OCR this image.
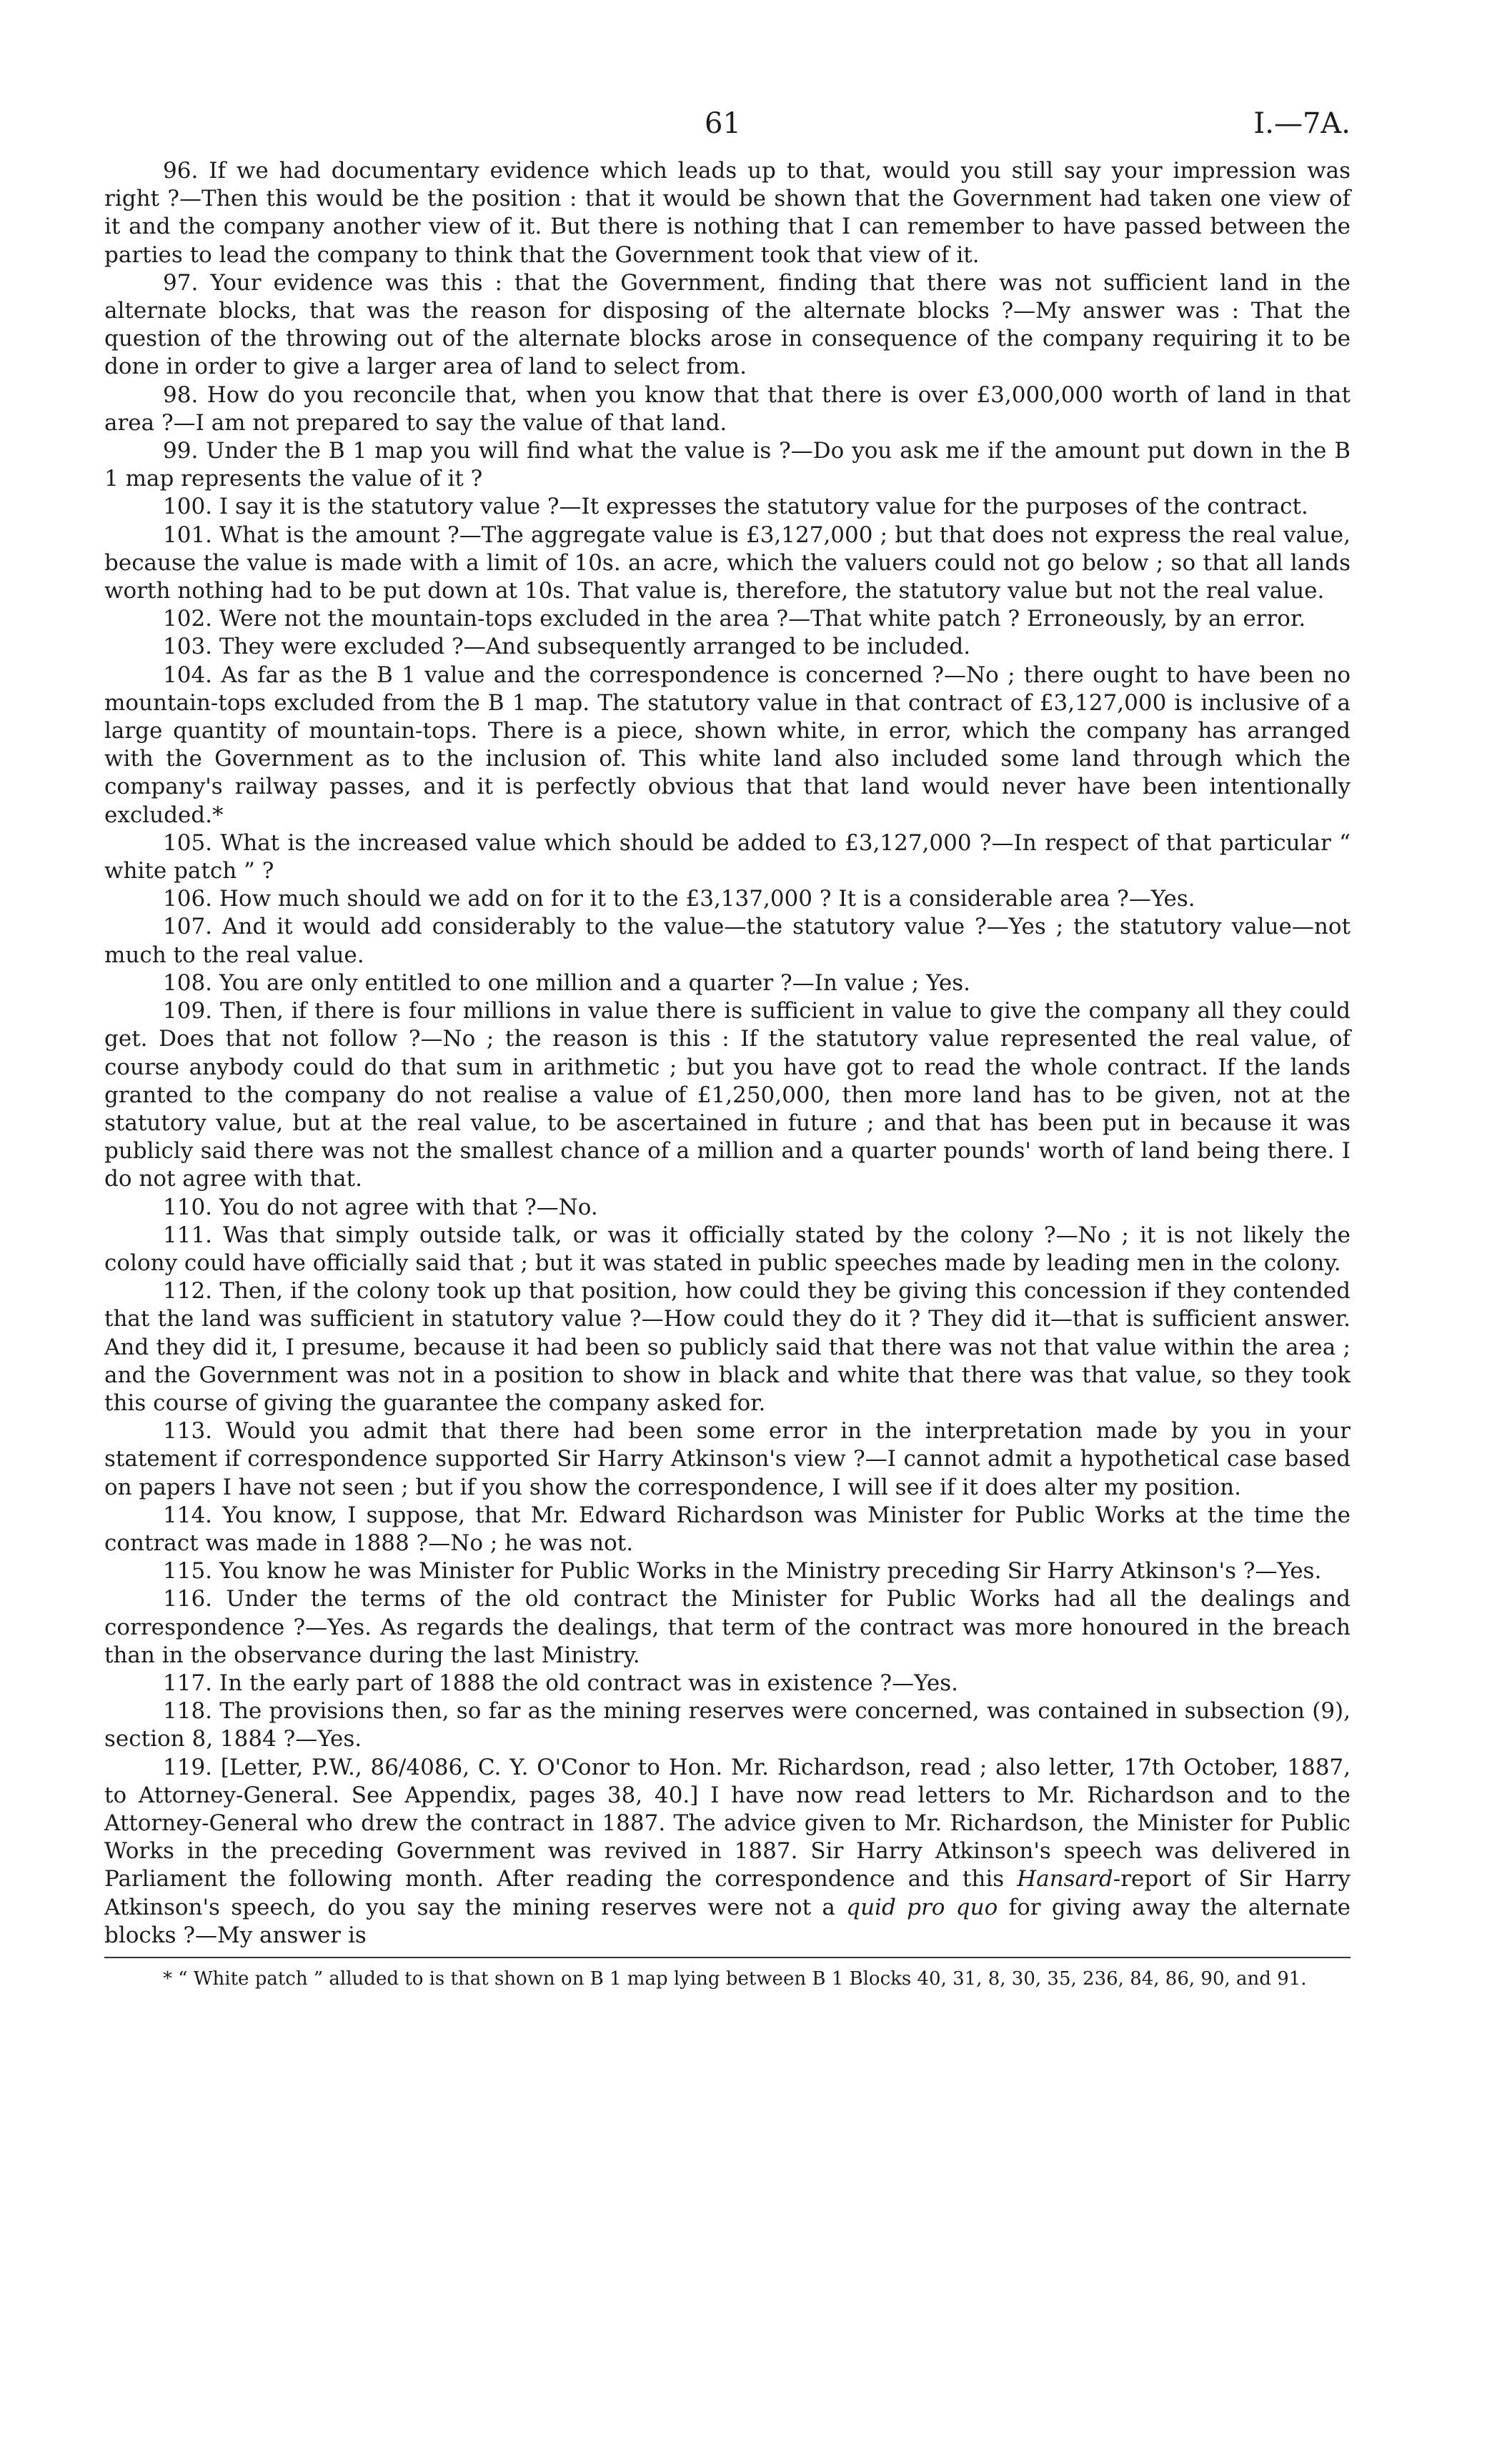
61	I.—7A.

96. If we had documentary evidence which leads up to that, would you still say your impression was right ?—Then this would be the position : that it would be shown that the Government had taken one view of it and the company another view of it. But there is nothing that I can remember to have passed between the parties to lead the company to think that the Government took that view of it.

97. Your evidence was this : that the Government, finding that there was not sufficient land in the alternate blocks, that was the reason for disposing of the alternate blocks ?—My answer was : That the question of the throwing out of the alternate blocks arose in consequence of the company requiring it to be done in order to give a larger area of land to select from.

98. How do you reconcile that, when you know that that there is over £3,000,000 worth of land in that area ?—I am not prepared to say the value of that land.

99. Under the B 1 map you will find what the value is ?—Do you ask me if the amount put down in the B 1 map represents the value of it ?

100. I say it is the statutory value ?—It expresses the statutory value for the purposes of the contract.

101. What is the amount ?—The aggregate value is £3,127,000 ; but that does not express the real value, because the value is made with a limit of 10s. an acre, which the valuers could not go below ; so that all lands worth nothing had to be put down at 10s. That value is, therefore, the statutory value but not the real value.

102. Were not the mountain-tops excluded in the area ?—That white patch ? Erroneously, by an error.

103. They were excluded ?—And subsequently arranged to be included.

104. As far as the B 1 value and the correspondence is concerned ?—No ; there ought to have been no mountain-tops excluded from the B 1 map. The statutory value in that contract of £3,127,000 is inclusive of a large quantity of mountain-tops. There is a piece, shown white, in error, which the company has arranged with the Government as to the inclusion of. This white land also included some land through which the company's railway passes, and it is perfectly obvious that that land would never have been intentionally excluded.*

105. What is the increased value which should be added to £3,127,000 ?—In respect of that particular “ white patch ” ?

106. How much should we add on for it to the £3,137,000 ? It is a considerable area ?—Yes.

107. And it would add considerably to the value—the statutory value ?—Yes ; the statutory value—not much to the real value.

108. You are only entitled to one million and a quarter ?—In value ; Yes.

109. Then, if there is four millions in value there is sufficient in value to give the company all they could get. Does that not follow ?—No ; the reason is this : If the statutory value represented the real value, of course anybody could do that sum in arithmetic ; but you have got to read the whole contract. If the lands granted to the company do not realise a value of £1,250,000, then more land has to be given, not at the statutory value, but at the real value, to be ascertained in future ; and that has been put in because it was publicly said there was not the smallest chance of a million and a quarter pounds' worth of land being there. I do not agree with that.

110. You do not agree with that ?—No.

111. Was that simply outside talk, or was it officially stated by the colony ?—No ; it is not likely the colony could have officially said that ; but it was stated in public speeches made by leading men in the colony.

112. Then, if the colony took up that position, how could they be giving this concession if they contended that the land was sufficient in statutory value ?—How could they do it ? They did it—that is sufficient answer. And they did it, I presume, because it had been so publicly said that there was not that value within the area ; and the Government was not in a position to show in black and white that there was that value, so they took this course of giving the guarantee the company asked for.

113. Would you admit that there had been some error in the interpretation made by you in your statement if correspondence supported Sir Harry Atkinson's view ?—I cannot admit a hypothetical case based on papers I have not seen ; but if you show the correspondence, I will see if it does alter my position.

114. You know, I suppose, that Mr. Edward Richardson was Minister for Public Works at the time the contract was made in 1888 ?—No ; he was not.

115. You know he was Minister for Public Works in the Ministry preceding Sir Harry Atkinson's ?—Yes.

116. Under the terms of the old contract the Minister for Public Works had all the dealings and correspondence ?—Yes. As regards the dealings, that term of the contract was more honoured in the breach than in the observance during the last Ministry.

117. In the early part of 1888 the old contract was in existence ?—Yes.

118. The provisions then, so far as the mining reserves were concerned, was contained in subsection (9), section 8, 1884 ?—Yes.

119. [Letter, P.W., 86/4086, C. Y. O'Conor to Hon. Mr. Richardson, read ; also letter, 17th October, 1887, to Attorney-General. See Appendix, pages 38, 40.] I have now read letters to Mr. Richardson and to the Attorney-General who drew the contract in 1887. The advice given to Mr. Richardson, the Minister for Public Works in the preceding Government was revived in 1887. Sir Harry Atkinson's speech was delivered in Parliament the following month. After reading the correspondence and this Hansard-report of Sir Harry Atkinson's speech, do you say the mining reserves were not a quid pro quo for giving away the alternate blocks ?—My answer is

* “ White patch ” alluded to is that shown on B 1 map lying between B 1 Blocks 40, 31, 8, 30, 35, 236, 84, 86, 90, and 91.
